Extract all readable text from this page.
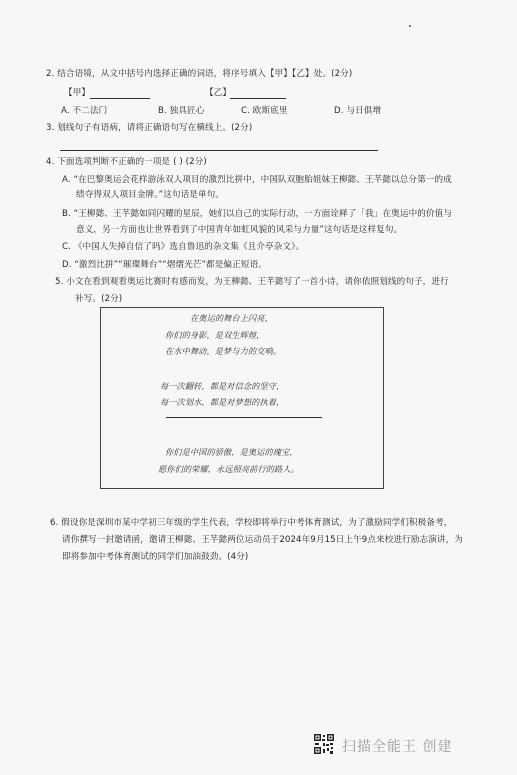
2. 结合语境，从文中括号内选择正确的词语，将序号填入【甲】【乙】处。(2分)
【甲】	【乙】
A. 不二法门	B. 独具匠心	C. 欧斯底里	D. 与日俱增
3. 划线句子有语病，请将正确语句写在横线上。(2分)
4. 下面选项判断不正确的一项是 ( ) (2分)
A. “在巴黎奥运会花样游泳双人项目的激烈比拼中，中国队双胞胎姐妹王柳懿、王芊懿以总分第一的成
绩夺得双人项目金牌。”这句话是单句。
B. “王柳懿、王芊懿如同闪耀的星辰，她们以自己的实际行动，一方面诠释了「我」在奥运中的价值与
意义，另一方面也让世界看到了中国青年如虹风貌的风采与力量”这句话是这样复句。
C. 《中国人失掉自信了吗》选自鲁迅的杂文集《且介亭杂文》。
D. “激烈比拼”“璀璨舞台”“熠熠光芒”都是偏正短语。
5. 小文在看到观看奥运比赛时有感而发，为王柳懿、王芊懿写了一首小诗，请你依照划线的句子，进行
补写。(2分)
在奥运的舞台上闪亮，
你们的身影，是双生辉煌，
在水中舞动，是梦与力的交响。
每一次翻转，都是对信念的坚守，
每一次划水，都是对梦想的执着，
你们是中国的骄傲，是奥运的瑰宝，
愿你们的荣耀，永远照亮前行的路人。
6. 假设你是深圳市某中学初三年级的学生代表，学校即将举行中考体育测试，为了激励同学们积极备考，
请你撰写一封邀请函，邀请王柳懿、王芊懿两位运动员于2024年9月15日上午9点来校进行励志演讲，为
即将参加中考体育测试的同学们加油鼓劲。(4分)
扫描全能王 创建
